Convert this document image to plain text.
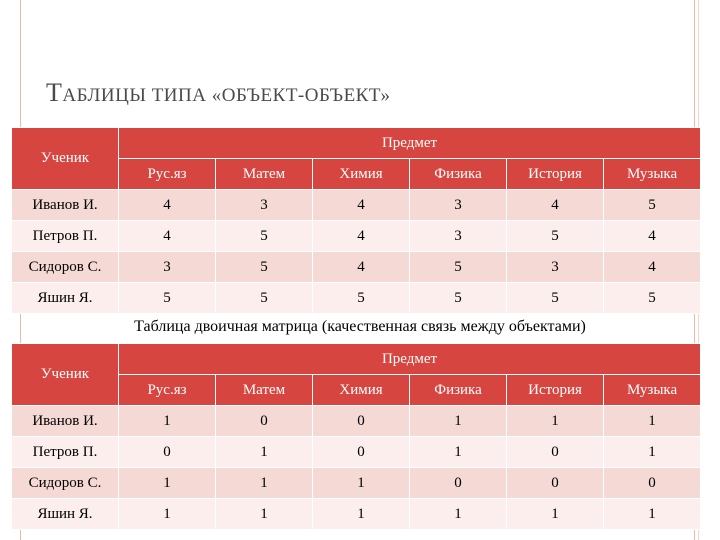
ТАБЛИЦЫ ТИПА «ОБЪЕКТ-ОБЪЕКТ»
Ученик	Предмет					
	Рус.яз	Матем	Химия	Физика	История	Музыка
Иванов И.	4	3	4	3	4	5
Петров П.	4	5	4	3	5	4
Сидоров С.	3	5	4	5	3	4
Яшин Я.	5	5	5	5	5	5

Таблица двоичная матрица (качественная связь между объектами)

Ученик	Предмет					
	Рус.яз	Матем	Химия	Физика	История	Музыка
Иванов И.	1	0	0	1	1	1
Петров П.	0	1	0	1	0	1
Сидоров С.	1	1	1	0	0	0
Яшин Я.	1	1	1	1	1	1
